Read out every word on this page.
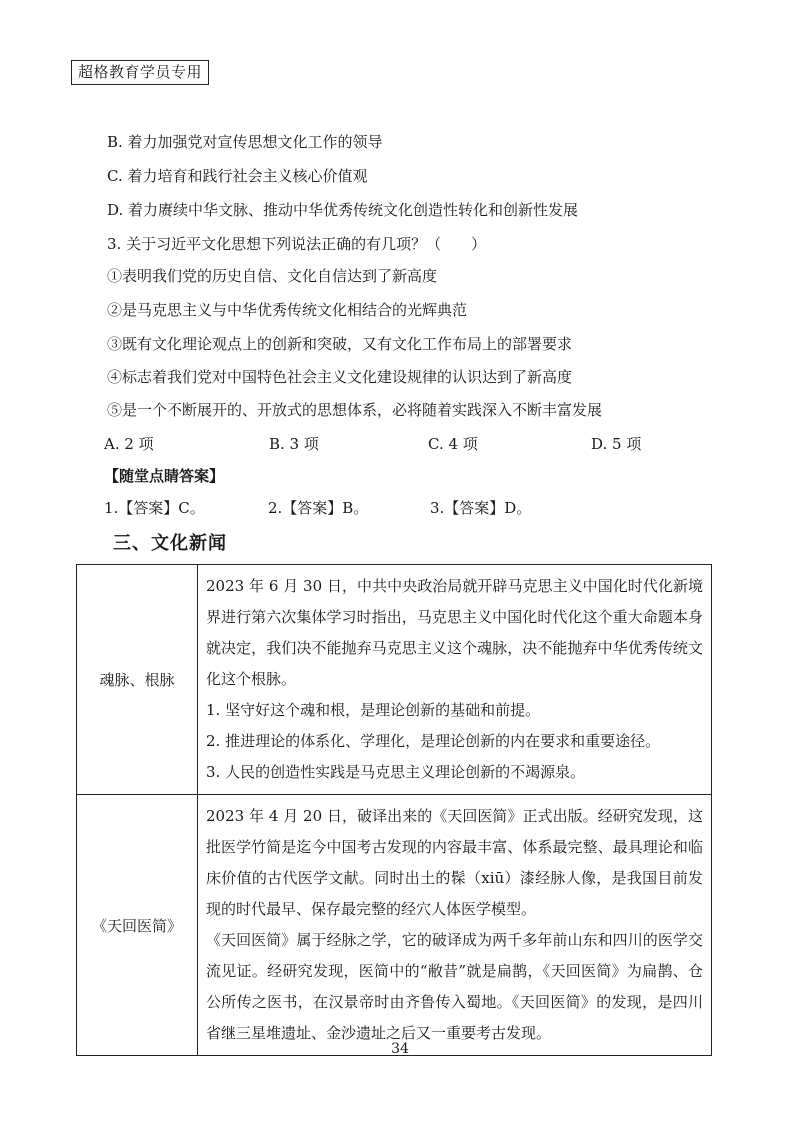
超格教育学员专用
B. 着力加强党对宣传思想文化工作的领导
C. 着力培育和践行社会主义核心价值观
D. 着力赓续中华文脉、推动中华优秀传统文化创造性转化和创新性发展
3. 关于习近平文化思想下列说法正确的有几项？（　　）
①表明我们党的历史自信、文化自信达到了新高度
②是马克思主义与中华优秀传统文化相结合的光辉典范
③既有文化理论观点上的创新和突破，又有文化工作布局上的部署要求
④标志着我们党对中国特色社会主义文化建设规律的认识达到了新高度
⑤是一个不断展开的、开放式的思想体系，必将随着实践深入不断丰富发展
A. 2 项	B. 3 项	C. 4 项	D. 5 项
【随堂点睛答案】
1.【答案】C。	2.【答案】B。	3.【答案】D。
三、文化新闻
魂脉、根脉	2023 年 6 月 30 日，中共中央政治局就开辟马克思主义中国化时代化新境界进行第六次集体学习时指出，马克思主义中国化时代化这个重大命题本身就决定，我们决不能抛弃马克思主义这个魂脉，决不能抛弃中华优秀传统文化这个根脉。

1. 坚守好这个魂和根，是理论创新的基础和前提。

2. 推进理论的体系化、学理化，是理论创新的内在要求和重要途径。

3. 人民的创造性实践是马克思主义理论创新的不竭源泉。

《天回医简》	2023 年 4 月 20 日，破译出来的《天回医简》正式出版。经研究发现，这批医学竹简是迄今中国考古发现的内容最丰富、体系最完整、最具理论和临床价值的古代医学文献。同时出土的髹（xiū）漆经脉人像，是我国目前发现的时代最早、保存最完整的经穴人体医学模型。

《天回医简》属于经脉之学，它的破译成为两千多年前山东和四川的医学交流见证。经研究发现，医简中的“敝昔”就是扁鹊，《天回医简》为扁鹊、仓公所传之医书，在汉景帝时由齐鲁传入蜀地。《天回医简》的发现，是四川省继三星堆遗址、金沙遗址之后又一重要考古发现。

34
